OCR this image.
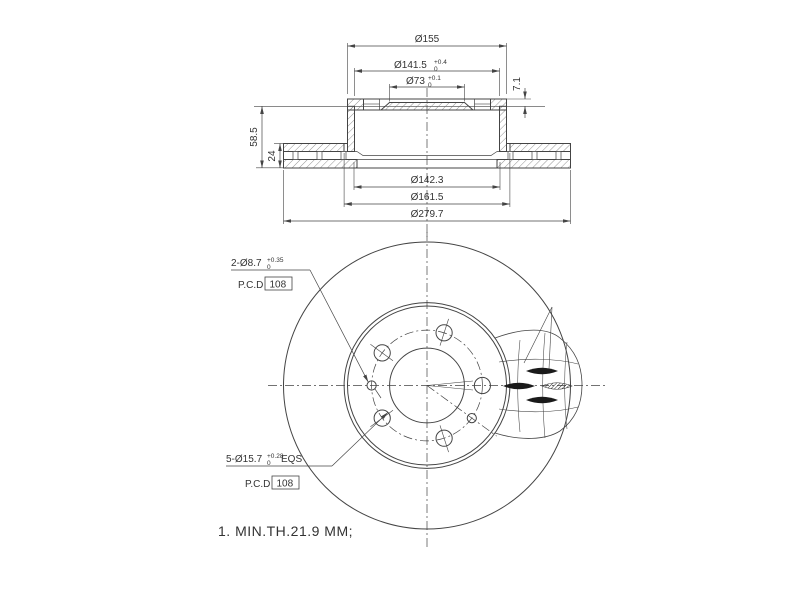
Ø155
Ø141.5 +0.4
0
Ø73 +0.1
0	7.1
58.5
24
Ø142.3
Ø161.5
Ø279.7
2-Ø8.7 +0.35
0
P.C.D 108
5-Ø15.7 +0.28
0 EQS
P.C.D 108
1. MIN.TH.21.9 MM;
